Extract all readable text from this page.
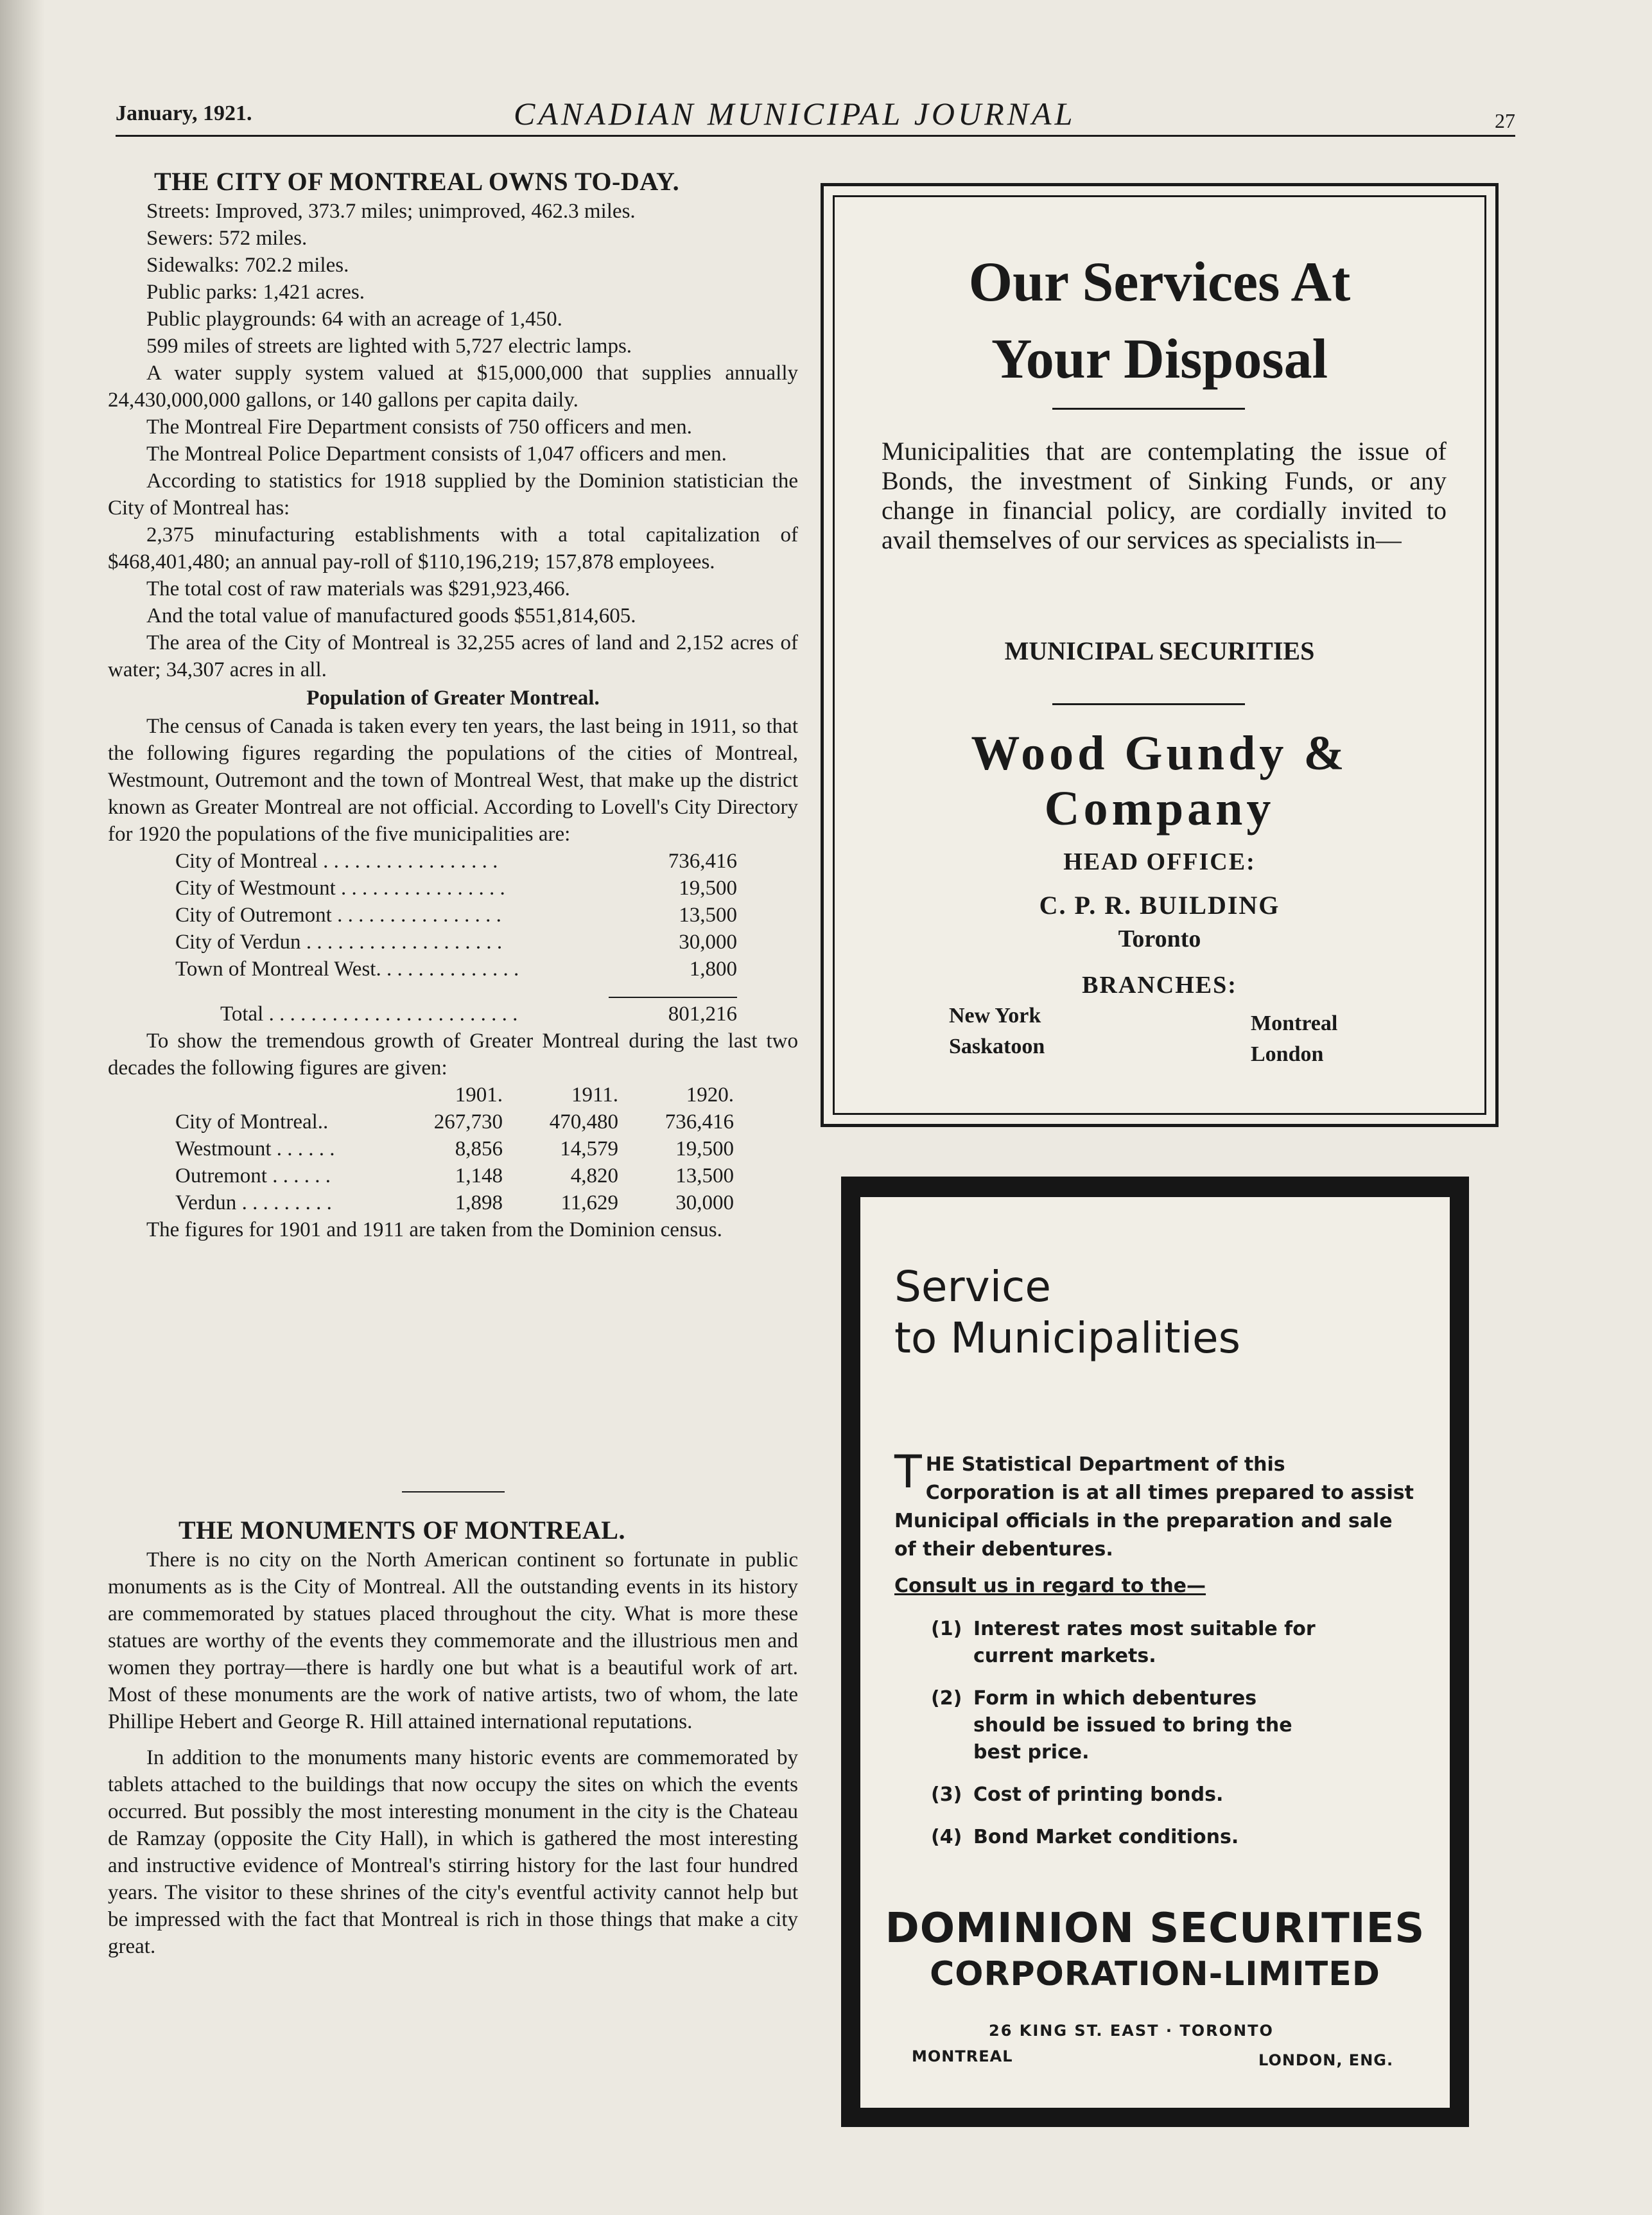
January, 1921.	CANADIAN MUNICIPAL JOURNAL	27
THE CITY OF MONTREAL OWNS TO-DAY.

Streets: Improved, 373.7 miles; unimproved, 462.3 miles.

Sewers: 572 miles.

Sidewalks: 702.2 miles.

Public parks: 1,421 acres.

Public playgrounds: 64 with an acreage of 1,450.

599 miles of streets are lighted with 5,727 electric lamps.

A water supply system valued at $15,000,000 that supplies annually 24,430,000,000 gallons, or 140 gallons per capita daily.

The Montreal Fire Department consists of 750 officers and men.

The Montreal Police Department consists of 1,047 officers and men.

According to statistics for 1918 supplied by the Dominion statistician the City of Montreal has:

2,375 minufacturing establishments with a total capitalization of $468,401,480; an annual pay-roll of $110,196,219; 157,878 employees.

The total cost of raw materials was $291,923,466.

And the total value of manufactured goods $551,814,605.

The area of the City of Montreal is 32,255 acres of land and 2,152 acres of water; 34,307 acres in all.

Population of Greater Montreal.

The census of Canada is taken every ten years, the last being in 1911, so that the following figures regarding the populations of the cities of Montreal, Westmount, Outremont and the town of Montreal West, that make up the district known as Greater Montreal are not official. According to Lovell's City Directory for 1920 the populations of the five municipalities are:

City of Montreal . . . . . . . . . . . . . . . . .	736,416
City of Westmount . . . . . . . . . . . . . . . .	19,500
City of Outremont . . . . . . . . . . . . . . . .	13,500
City of Verdun . . . . . . . . . . . . . . . . . . .	30,000
Town of Montreal West. . . . . . . . . . . . . .	1,800
Total . . . . . . . . . . . . . . . . . . . . . . . .	801,216

To show the tremendous growth of Greater Montreal during the last two decades the following figures are given:

1901.	1911.	1920.
City of Montreal..	267,730	470,480	736,416
Westmount . . . . . .	8,856	14,579	19,500
Outremont . . . . . .	1,148	4,820	13,500
Verdun . . . . . . . . .	1,898	11,629	30,000

The figures for 1901 and 1911 are taken from the Dominion census.

THE MONUMENTS OF MONTREAL.

There is no city on the North American continent so fortunate in public monuments as is the City of Montreal. All the outstanding events in its history are commemorated by statues placed throughout the city. What is more these statues are worthy of the events they commemorate and the illustrious men and women they portray—there is hardly one but what is a beautiful work of art. Most of these monuments are the work of native artists, two of whom, the late Phillipe Hebert and George R. Hill attained international reputations.

In addition to the monuments many historic events are commemorated by tablets attached to the buildings that now occupy the sites on which the events occurred. But possibly the most interesting monument in the city is the Chateau de Ramzay (opposite the City Hall), in which is gathered the most interesting and instructive evidence of Montreal's stirring history for the last four hundred years. The visitor to these shrines of the city's eventful activity cannot help but be impressed with the fact that Montreal is rich in those things that make a city great.

Our Services At
Your Disposal
Municipalities that are contemplating the issue of Bonds, the investment of Sinking Funds, or any change in financial policy, are cordially invited to avail themselves of our services as specialists in—
MUNICIPAL SECURITIES
Wood Gundy &
Company
HEAD OFFICE:
C. P. R. BUILDING
Toronto
BRANCHES:
New York
Saskatoon
Montreal
London
Service
to Municipalities
THE Statistical Department of this Corporation is at all times prepared to assist Municipal officials in the preparation and sale of their debentures.
Consult us in regard to the—
(1) Interest rates most suitable for current markets.
(2) Form in which debentures should be issued to bring the best price.
(3) Cost of printing bonds.
(4) Bond Market conditions.
DOMINION SECURITIES
CORPORATION-LIMITED
26 KING ST. EAST · TORONTO
MONTREAL	LONDON, ENG.
